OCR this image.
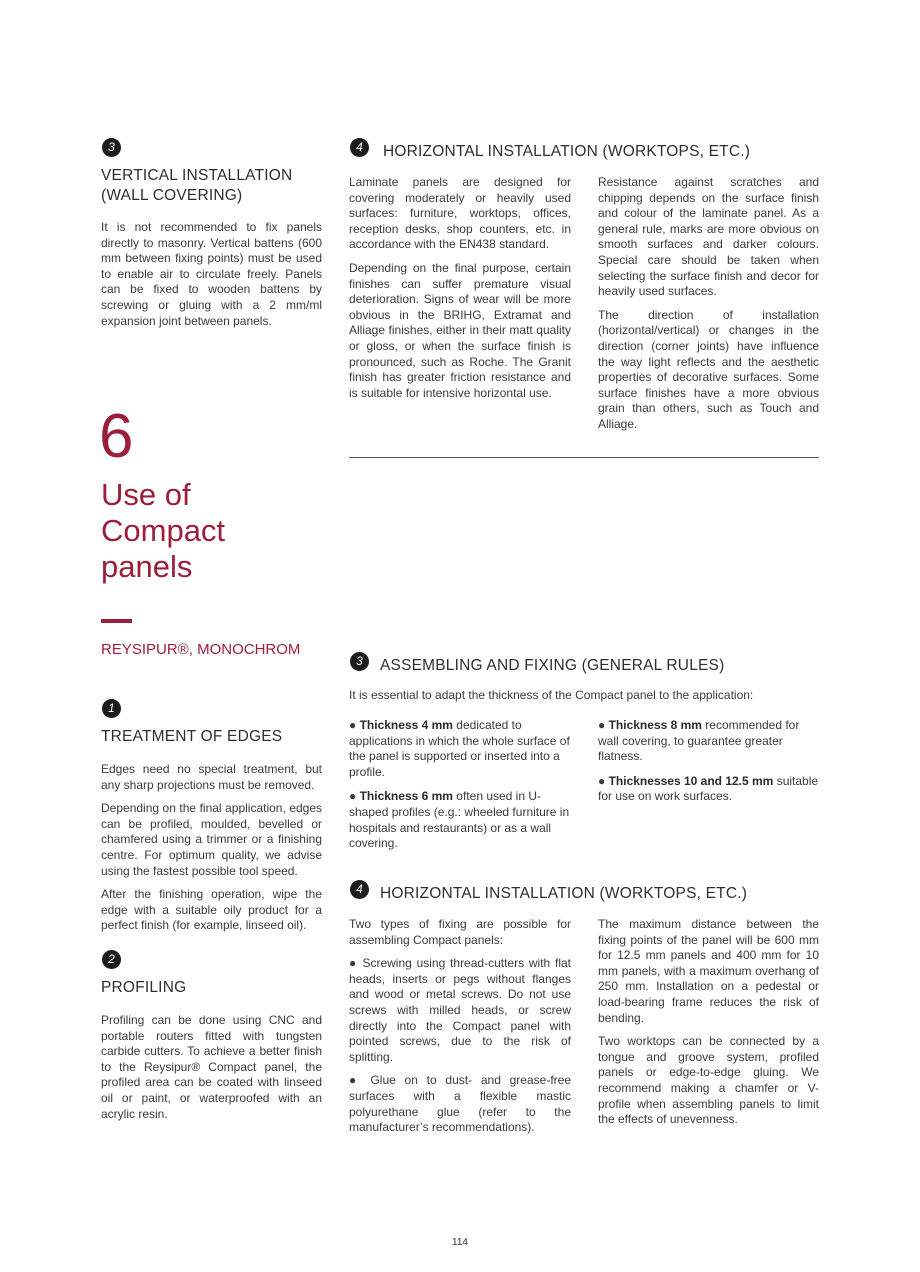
3
VERTICAL INSTALLATION
(WALL COVERING)

It is not recommended to fix panels directly to masonry. Vertical battens (600 mm between fixing points) must be used to enable air to circulate freely. Panels can be fixed to wooden battens by screwing or gluing with a 2 mm/ml expansion joint between panels.

4	HORIZONTAL INSTALLATION (WORKTOPS, ETC.)

Laminate panels are designed for covering moderately or heavily used surfaces: furniture, worktops, offices, reception desks, shop counters, etc. in accordance with the EN438 standard.

Depending on the final purpose, certain finishes can suffer premature visual deterioration. Signs of wear will be more obvious in the BRIHG, Extramat and Alliage finishes, either in their matt quality or gloss, or when the surface finish is pronounced, such as Roche. The Granit finish has greater friction resistance and is suitable for intensive horizontal use.

Resistance against scratches and chipping depends on the surface finish and colour of the laminate panel. As a general rule, marks are more obvious on smooth surfaces and darker colours. Special care should be taken when selecting the surface finish and decor for heavily used surfaces.

The direction of installation (horizontal/vertical) or changes in the direction (corner joints) have influence the way light reflects and the aesthetic properties of decorative surfaces. Some surface finishes have a more obvious grain than others, such as Touch and Alliage.

6
Use of
Compact
panels
REYSIPUR®, MONOCHROM
1
TREATMENT OF EDGES

Edges need no special treatment, but any sharp projections must be removed.

Depending on the final application, edges can be profiled, moulded, bevelled or chamfered using a trimmer or a finishing centre. For optimum quality, we advise using the fastest possible tool speed.

After the finishing operation, wipe the edge with a suitable oily product for a perfect finish (for example, linseed oil).

2
PROFILING

Profiling can be done using CNC and portable routers fitted with tungsten carbide cutters. To achieve a better finish to the Reysipur® Compact panel, the profiled area can be coated with linseed oil or paint, or waterproofed with an acrylic resin.

3	ASSEMBLING AND FIXING (GENERAL RULES)
It is essential to adapt the thickness of the Compact panel to the application:
● Thickness 4 mm dedicated to applications in which the whole surface of the panel is supported or inserted into a profile.
● Thickness 6 mm often used in U-shaped profiles (e.g.: wheeled furniture in hospitals and restaurants) or as a wall covering.
● Thickness 8 mm recommended for wall covering, to guarantee greater flatness.
● Thicknesses 10 and 12.5 mm suitable for use on work surfaces.
4	HORIZONTAL INSTALLATION (WORKTOPS, ETC.)

Two types of fixing are possible for assembling Compact panels:

● Screwing using thread-cutters with flat heads, inserts or pegs without flanges and wood or metal screws. Do not use screws with milled heads, or screw directly into the Compact panel with pointed screws, due to the risk of splitting.

● Glue on to dust- and grease-free surfaces with a flexible mastic polyurethane glue (refer to the manufacturer’s recommendations).

The maximum distance between the fixing points of the panel will be 600 mm for 12.5 mm panels and 400 mm for 10 mm panels, with a maximum overhang of 250 mm. Installation on a pedestal or load-bearing frame reduces the risk of bending.

Two worktops can be connected by a tongue and groove system, profiled panels or edge-to-edge gluing. We recommend making a chamfer or V-profile when assembling panels to limit the effects of unevenness.

114
